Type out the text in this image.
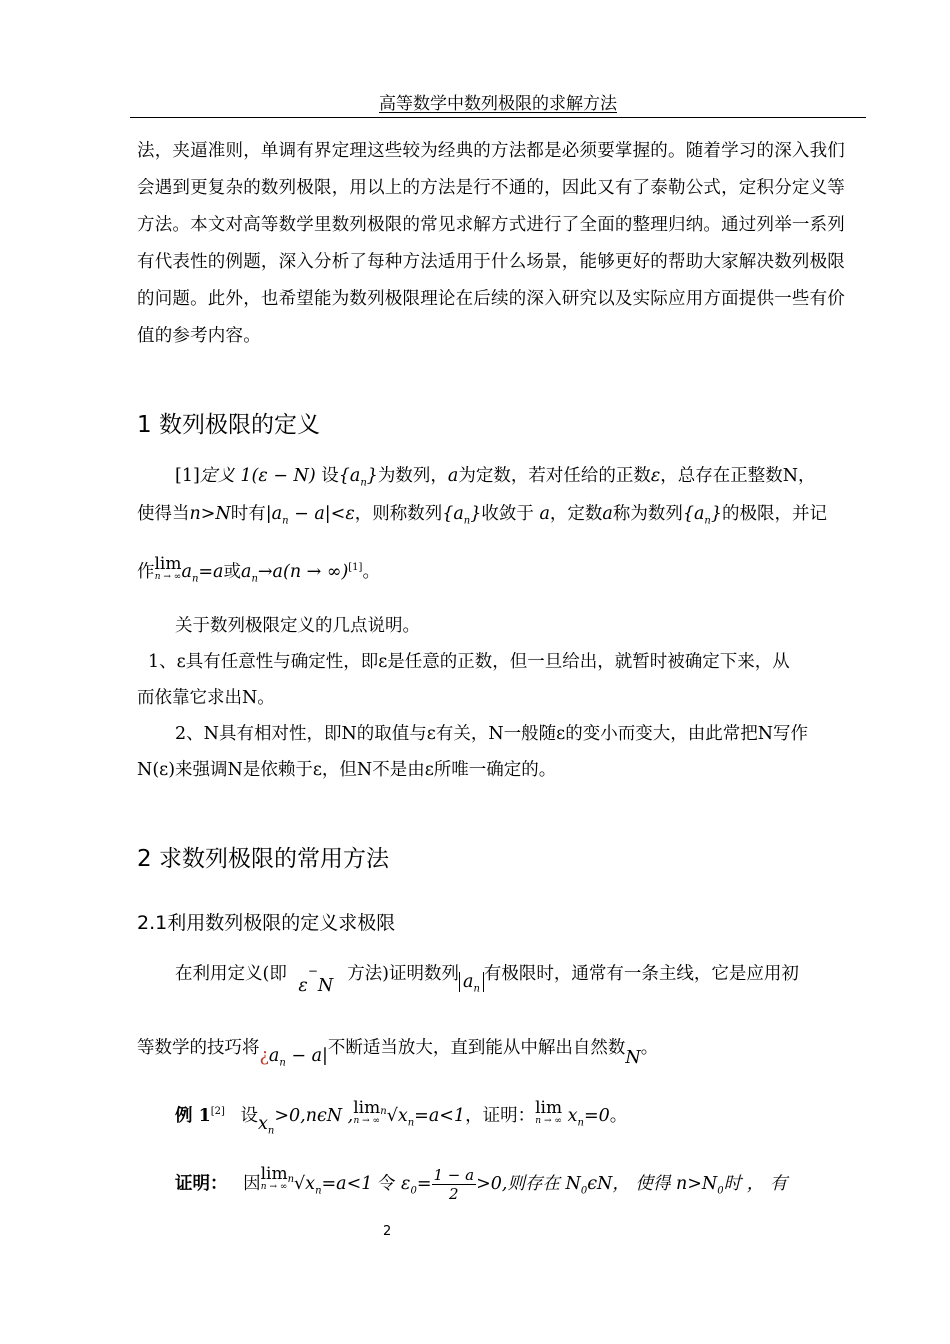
高等数学中数列极限的求解方法
法，夹逼准则，单调有界定理这些较为经典的方法都是必须要掌握的。随着学习的深入我们会遇到更复杂的数列极限，用以上的方法是行不通的，因此又有了泰勒公式，定积分定义等方法。本文对高等数学里数列极限的常见求解方式进行了全面的整理归纳。通过列举一系列有代表性的例题，深入分析了每种方法适用于什么场景，能够更好的帮助大家解决数列极限的问题。此外，也希望能为数列极限理论在后续的深入研究以及实际应用方面提供一些有价值的参考内容。
1 数列极限的定义
[1]定义 1(ε − N) 设$\{a_n\}$为数列，a为定数，若对任给的正数ε，总存在正整数N，
使得当n>N时有$|a_n - a|<\varepsilon$，则称数列$\{a_n\}$收敛于 a，定数a称为数列$\{a_n\}$的极限，并记
作 lim
n → ∞ $a_n=a$或$a_n\to a(n \to \infty)[1]$。
关于数列极限定义的几点说明。
1、ε具有任意性与确定性，即ε是任意的正数，但一旦给出，就暂时被确定下来，从
而依靠它求出N。
2、N具有相对性，即N的取值与ε有关，N一般随ε的变小而变大，由此常把N写作
N(ε)来强调N是依赖于ε，但N不是由ε所唯一确定的。
2 求数列极限的常用方法
2.1利用数列极限的定义求极限
在利用定义(即 ε−N方法)证明数列 $a_n$有极限时，通常有一条主线，它是应用初
等数学的技巧将¿$a_n - a|$不断适当放大，直到能从中解出自然数N。
例 1[2] 设$x_n>0,n\epsilon N$ , lim
n → ∞
$^n√x_n=a<1$，证明： lim
n → ∞ $x_n=0$。
证明： 因 lim
n → ∞
$^n√x_n=a<1$ 令 $\varepsilon_0= \frac{1 - a}{2} >0$,则存在 $N_0\epsilon N$， 使得 $n>N_0$时 ， 有
2
